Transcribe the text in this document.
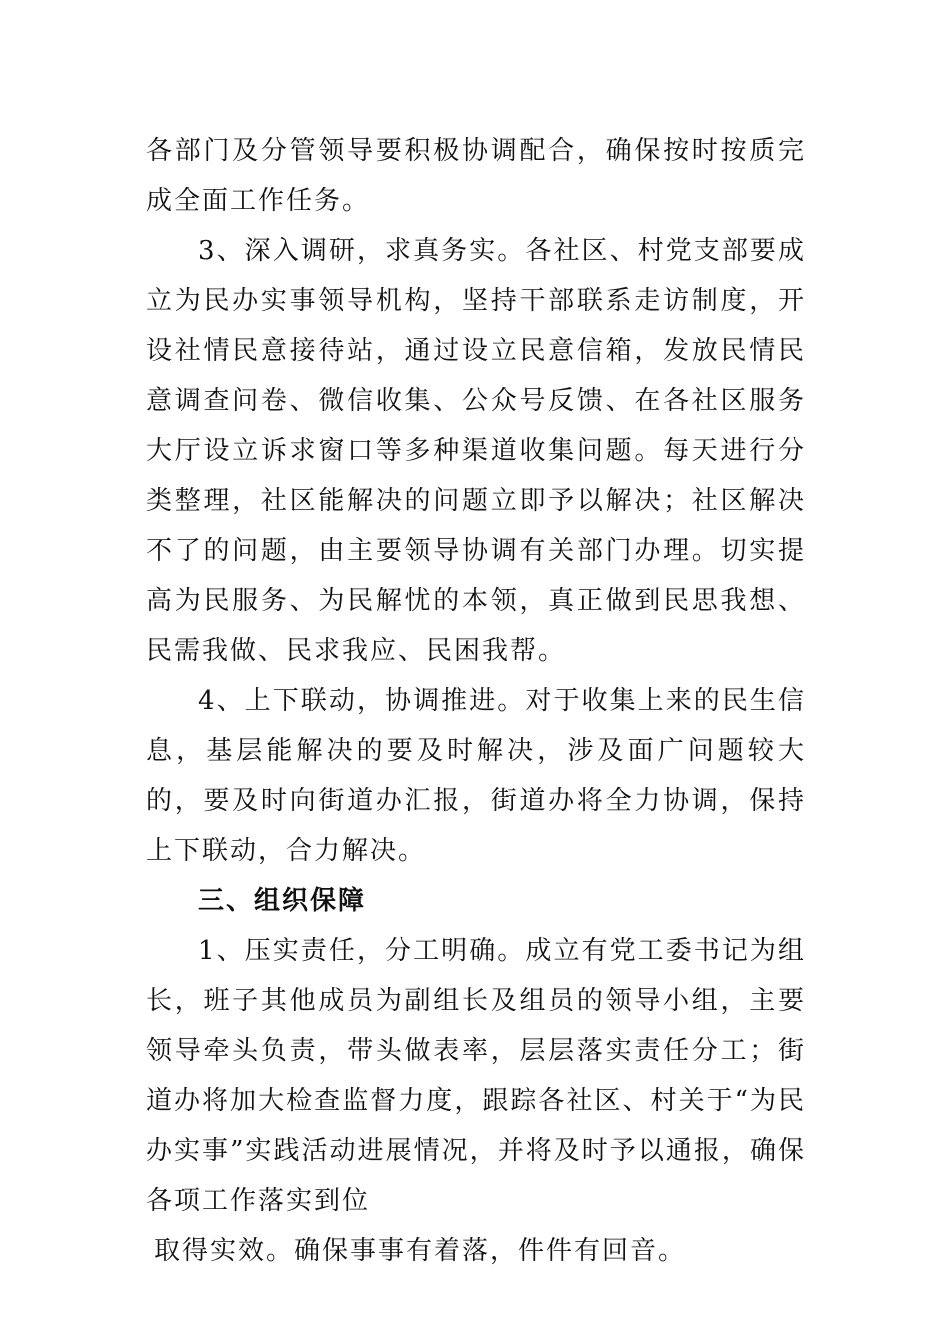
各部门及分管领导要积极协调配合，确保按时按质完成全面工作任务。

3、深入调研，求真务实。各社区、村党支部要成立为民办实事领导机构，坚持干部联系走访制度，开设社情民意接待站，通过设立民意信箱，发放民情民意调查问卷、微信收集、公众号反馈、在各社区服务大厅设立诉求窗口等多种渠道收集问题。每天进行分类整理，社区能解决的问题立即予以解决；社区解决不了的问题，由主要领导协调有关部门办理。切实提高为民服务、为民解忧的本领，真正做到民思我想、民需我做、民求我应、民困我帮。

4、上下联动，协调推进。对于收集上来的民生信息，基层能解决的要及时解决，涉及面广问题较大的，要及时向街道办汇报，街道办将全力协调，保持上下联动，合力解决。

三、组织保障

1、压实责任，分工明确。成立有党工委书记为组长，班子其他成员为副组长及组员的领导小组，主要领导牵头负责，带头做表率，层层落实责任分工；街道办将加大检查监督力度，跟踪各社区、村关于“为民办实事”实践活动进展情况，并将及时予以通报，确保各项工作落实到位

取得实效。确保事事有着落，件件有回音。
